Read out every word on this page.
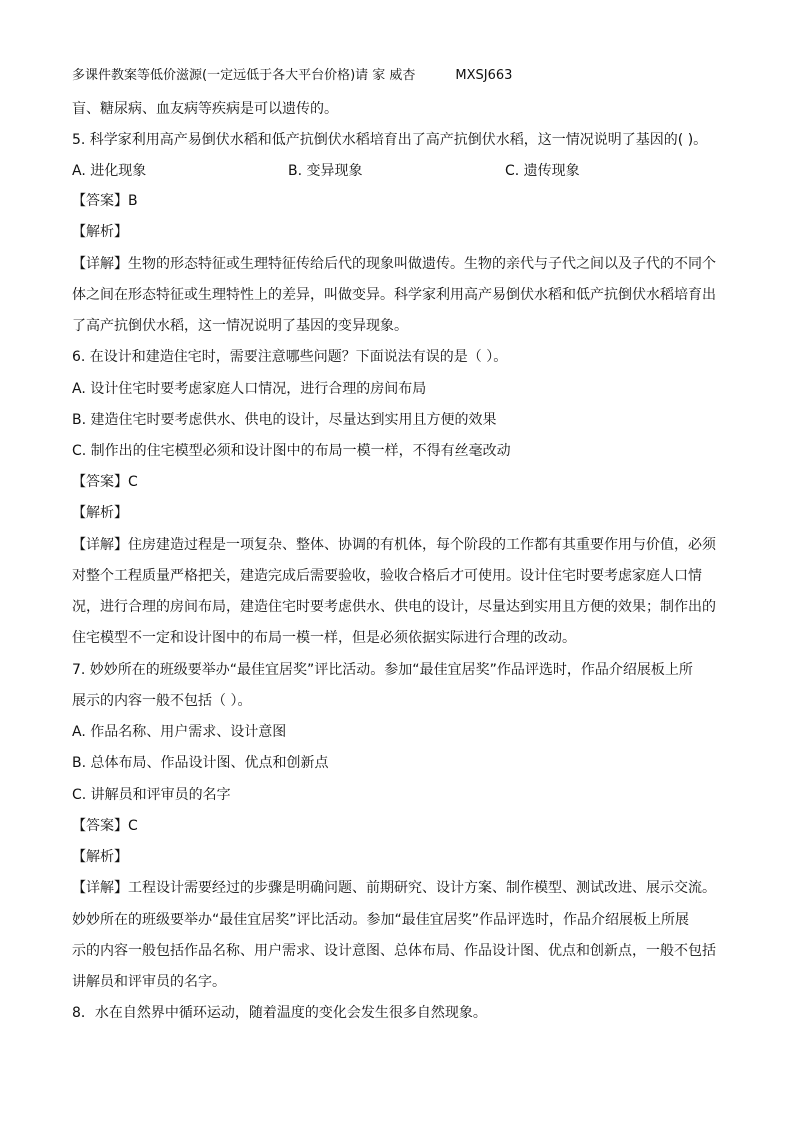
多课件教案等低价滋源(一定远低于各大平台价格)请 家 威杏	MXSJ663
盲、糖尿病、血友病等疾病是可以遗传的。
5. 科学家利用高产易倒伏水稻和低产抗倒伏水稻培育出了高产抗倒伏水稻，这一情况说明了基因的( )。
A. 进化现象	B. 变异现象	C. 遗传现象
【答案】B
【解析】
【详解】生物的形态特征或生理特征传给后代的现象叫做遗传。生物的亲代与子代之间以及子代的不同个
体之间在形态特征或生理特性上的差异，叫做变异。科学家利用高产易倒伏水稻和低产抗倒伏水稻培育出
了高产抗倒伏水稻，这一情况说明了基因的变异现象。
6. 在设计和建造住宅时，需要注意哪些问题？下面说法有误的是（ ）。
A. 设计住宅时要考虑家庭人口情况，进行合理的房间布局
B. 建造住宅时要考虑供水、供电的设计，尽量达到实用且方便的效果
C. 制作出的住宅模型必须和设计图中的布局一模一样，不得有丝毫改动
【答案】C
【解析】
【详解】住房建造过程是一项复杂、整体、协调的有机体，每个阶段的工作都有其重要作用与价值，必须
对整个工程质量严格把关，建造完成后需要验收，验收合格后才可使用。设计住宅时要考虑家庭人口情
况，进行合理的房间布局，建造住宅时要考虑供水、供电的设计，尽量达到实用且方便的效果；制作出的
住宅模型不一定和设计图中的布局一模一样，但是必须依据实际进行合理的改动。
7. 妙妙所在的班级要举办“最佳宜居奖”评比活动。参加“最佳宜居奖”作品评选时，作品介绍展板上所
展示的内容一般不包括（ ）。
A. 作品名称、用户需求、设计意图
B. 总体布局、作品设计图、优点和创新点
C. 讲解员和评审员的名字
【答案】C
【解析】
【详解】工程设计需要经过的步骤是明确问题、前期研究、设计方案、制作模型、测试改进、展示交流。
妙妙所在的班级要举办“最佳宜居奖”评比活动。参加“最佳宜居奖”作品评选时，作品介绍展板上所展
示的内容一般包括作品名称、用户需求、设计意图、总体布局、作品设计图、优点和创新点，一般不包括
讲解员和评审员的名字。
8．水在自然界中循环运动，随着温度的变化会发生很多自然现象。
